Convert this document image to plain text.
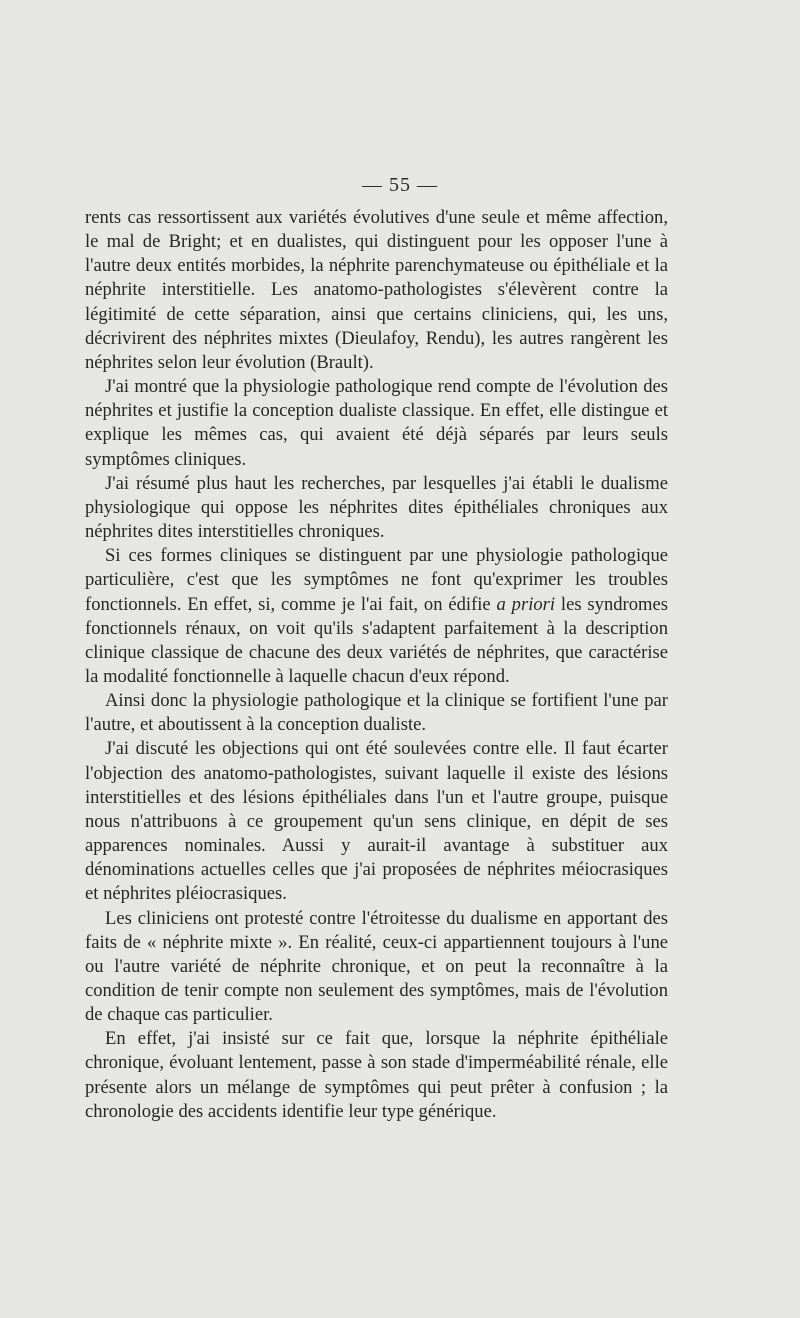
— 55 —

rents cas ressortissent aux variétés évolutives d'une seule et même affection, le mal de Bright; et en dualistes, qui distinguent pour les opposer l'une à l'autre deux entités morbides, la néphrite parenchymateuse ou épithéliale et la néphrite interstitielle. Les anatomo-pathologistes s'élevèrent contre la légitimité de cette séparation, ainsi que certains cliniciens, qui, les uns, décrivirent des néphrites mixtes (Dieulafoy, Rendu), les autres rangèrent les néphrites selon leur évolution (Brault).

J'ai montré que la physiologie pathologique rend compte de l'évolution des néphrites et justifie la conception dualiste classique. En effet, elle distingue et explique les mêmes cas, qui avaient été déjà séparés par leurs seuls symptômes cliniques.

J'ai résumé plus haut les recherches, par lesquelles j'ai établi le dualisme physiologique qui oppose les néphrites dites épithéliales chroniques aux néphrites dites interstitielles chroniques.

Si ces formes cliniques se distinguent par une physiologie pathologique particulière, c'est que les symptômes ne font qu'exprimer les troubles fonctionnels. En effet, si, comme je l'ai fait, on édifie a priori les syndromes fonctionnels rénaux, on voit qu'ils s'adaptent parfaitement à la description clinique classique de chacune des deux variétés de néphrites, que caractérise la modalité fonctionnelle à laquelle chacun d'eux répond.

Ainsi donc la physiologie pathologique et la clinique se fortifient l'une par l'autre, et aboutissent à la conception dualiste.

J'ai discuté les objections qui ont été soulevées contre elle. Il faut écarter l'objection des anatomo-pathologistes, suivant laquelle il existe des lésions interstitielles et des lésions épithéliales dans l'un et l'autre groupe, puisque nous n'attribuons à ce groupement qu'un sens clinique, en dépit de ses apparences nominales. Aussi y aurait-il avantage à substituer aux dénominations actuelles celles que j'ai proposées de néphrites méiocrasiques et néphrites pléiocrasiques.

Les cliniciens ont protesté contre l'étroitesse du dualisme en apportant des faits de « néphrite mixte ». En réalité, ceux-ci appartiennent toujours à l'une ou l'autre variété de néphrite chronique, et on peut la reconnaître à la condition de tenir compte non seulement des symptômes, mais de l'évolution de chaque cas particulier.

En effet, j'ai insisté sur ce fait que, lorsque la néphrite épithéliale chronique, évoluant lentement, passe à son stade d'imperméabilité rénale, elle présente alors un mélange de symptômes qui peut prêter à confusion ; la chronologie des accidents identifie leur type générique.
